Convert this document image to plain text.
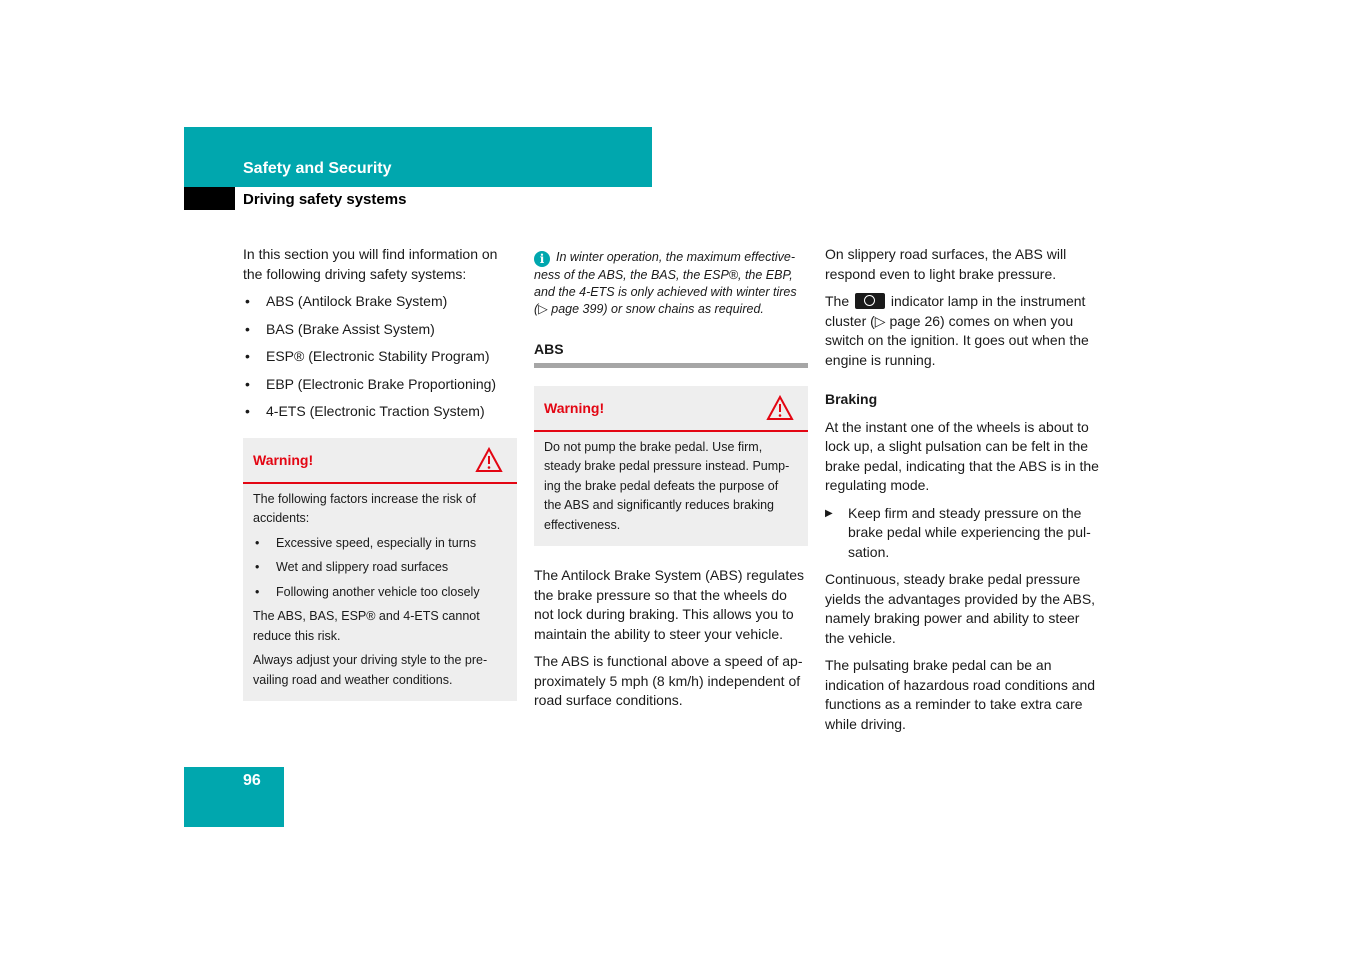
Safety and Security
Driving safety systems

In this section you will find information on the following driving safety systems:

• ABS (Antilock Brake System)
• BAS (Brake Assist System)
• ESP® (Electronic Stability Program)
• EBP (Electronic Brake Proportioning)
• 4-ETS (Electronic Traction System)
Warning!

The following factors increase the risk of accidents:

• Excessive speed, especially in turns
• Wet and slippery road surfaces
• Following another vehicle too closely

The ABS, BAS, ESP® and 4-ETS cannot reduce this risk.

Always adjust your driving style to the pre-vailing road and weather conditions.

i In winter operation, the maximum effective-ness of the ABS, the BAS, the ESP®, the EBP, and the 4-ETS is only achieved with winter tires (▷ page 399) or snow chains as required.
ABS
Warning!

Do not pump the brake pedal. Use firm, steady brake pedal pressure instead. Pump-ing the brake pedal defeats the purpose of the ABS and significantly reduces braking effectiveness.

The Antilock Brake System (ABS) regulates the brake pressure so that the wheels do not lock during braking. This allows you to maintain the ability to steer your vehicle.

The ABS is functional above a speed of ap-proximately 5 mph (8 km/h) independent of road surface conditions.

On slippery road surfaces, the ABS will respond even to light brake pressure.

The	indicator lamp in the instrument cluster (▷ page 26) comes on when you switch on the ignition. It goes out when the engine is running.

Braking

At the instant one of the wheels is about to lock up, a slight pulsation can be felt in the brake pedal, indicating that the ABS is in the regulating mode.

▶ Keep firm and steady pressure on the brake pedal while experiencing the pul-sation.

Continuous, steady brake pedal pressure yields the advantages provided by the ABS, namely braking power and ability to steer the vehicle.

The pulsating brake pedal can be an indication of hazardous road conditions and functions as a reminder to take extra care while driving.

96
